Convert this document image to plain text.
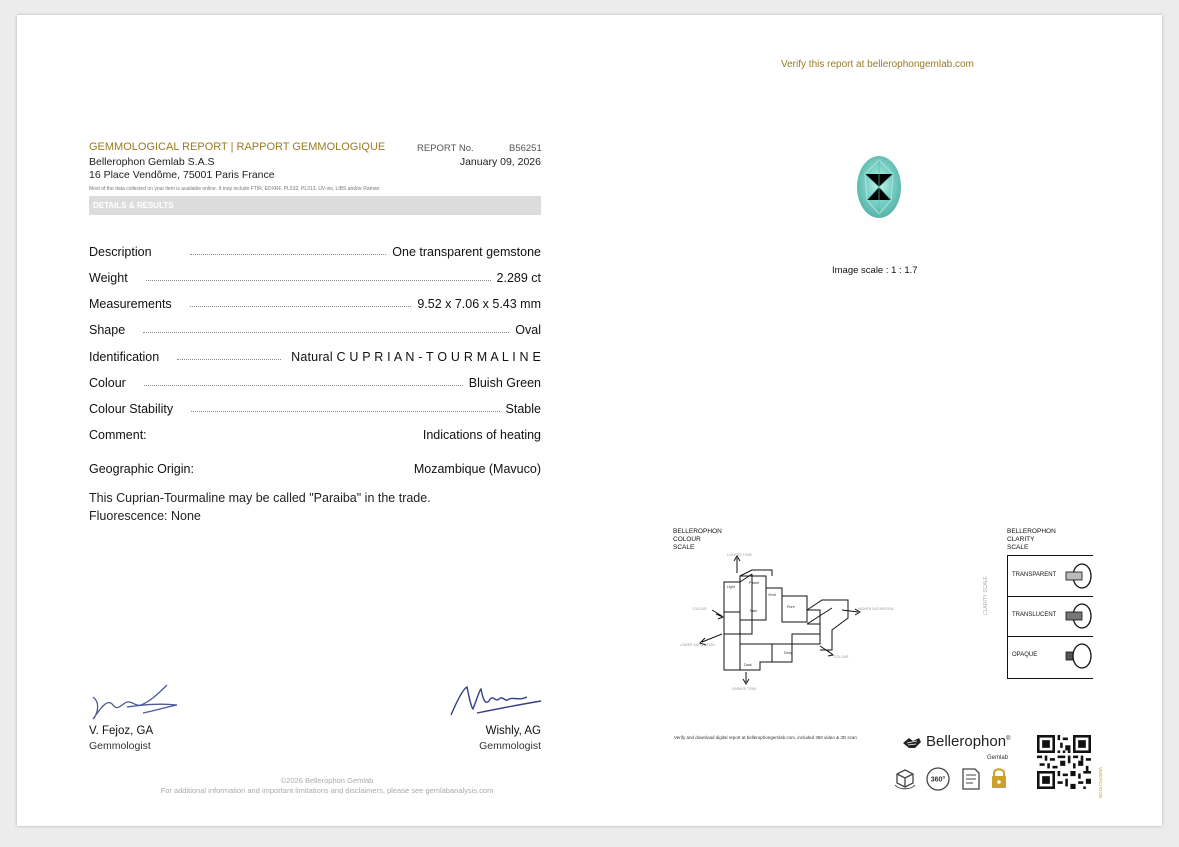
Verify this report at bellerophongemlab.com
GEMMOLOGICAL REPORT | RAPPORT GEMMOLOGIQUE	REPORT No.	B56251
Bellerophon Gemlab S.A.S	January 09, 2026
16 Place Vendôme, 75001 Paris France
Most of the data collected on your item is available online. It may include FTIR, EDXRF, PL532, PL313, UV-vis, LIBS and/or Raman
DETAILS & RESULTS
Description	One transparent gemstone
Weight	2.289 ct
Measurements	9.52 x 7.06 x 5.43 mm
Shape	Oval
Identification	Natural C U P R I A N - T O U R M A L I N E
Colour	Bluish Green
Colour Stability	Stable
Comment:	Indications of heating
Geographic Origin:	Mozambique (Mavuco)
This Cuprian-Tourmaline may be called "Paraiba" in the trade.
Fluorescence: None
V. Fejoz, GA
Gemmologist
Wishly, AG
Gemmologist
©2026 Bellerophon Gemlab
For additional information and important limitations and disclaimers, please see gemlabanalysis.com
Image scale : 1 : 1.7
BELLEROPHON
COLOUR
SCALE
Light
Pastel
Vivid
Pale
Pure
Deep
Dark
LIGHTER TONE
DARKER TONE
HIGHER SATURATION
LOWER SATURATION
COLOUR
COLOUR
BELLEROPHON
CLARITY
SCALE
CLARITY SCALE
TRANSPARENT
TRANSLUCENT
OPAQUE
Verify and download digital report at bellerophongemlab.com, included 360 video & 3D scan	Bellerophon®
Gemlab
360°	VERIFICATION
